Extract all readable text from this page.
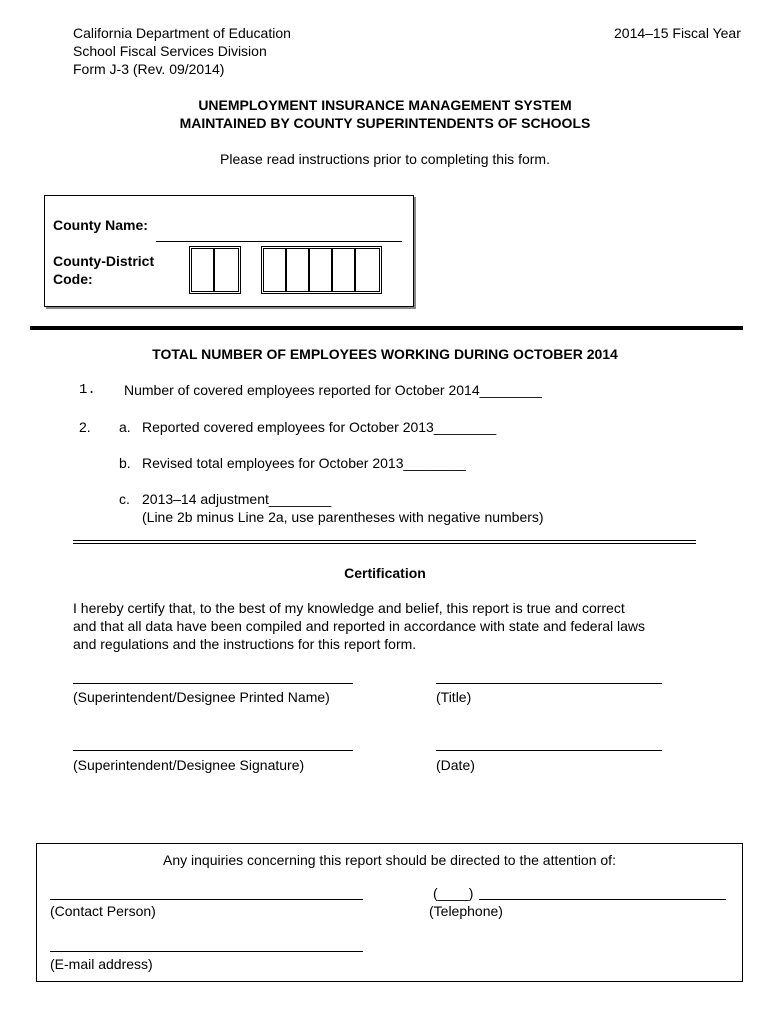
California Department of Education
School Fiscal Services Division
Form J-3 (Rev. 09/2014)
2014–15 Fiscal Year
UNEMPLOYMENT INSURANCE MANAGEMENT SYSTEM
MAINTAINED BY COUNTY SUPERINTENDENTS OF SCHOOLS
Please read instructions prior to completing this form.
County Name:
County-District
Code:
TOTAL NUMBER OF EMPLOYEES WORKING DURING OCTOBER 2014
1. Number of covered employees reported for October 2014________
2. a. Reported covered employees for October 2013________
b. Revised total employees for October 2013________
c. 2013–14 adjustment________
(Line 2b minus Line 2a, use parentheses with negative numbers)
Certification
I hereby certify that, to the best of my knowledge and belief, this report is true and correct
and that all data have been compiled and reported in accordance with state and federal laws
and regulations and the instructions for this report form.
(Superintendent/Designee Printed Name)	(Title)
(Superintendent/Designee Signature)	(Date)
Any inquiries concerning this report should be directed to the attention of:
(Contact Person)
(____)
(Telephone)
(E-mail address)
